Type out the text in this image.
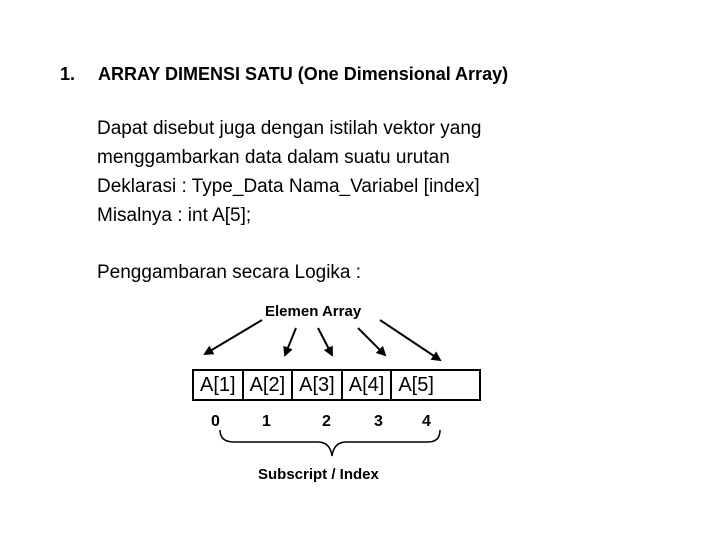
1. ARRAY DIMENSI SATU (One Dimensional Array)
Dapat disebut juga dengan istilah vektor yang
menggambarkan data dalam suatu urutan
Deklarasi : Type_Data Nama_Variabel [index]
Misalnya : int A[5];
Penggambaran secara Logika :
Elemen Array
A[1] A[2] A[3] A[4] A[5]
0	1	2	3 4
Subscript / Index
